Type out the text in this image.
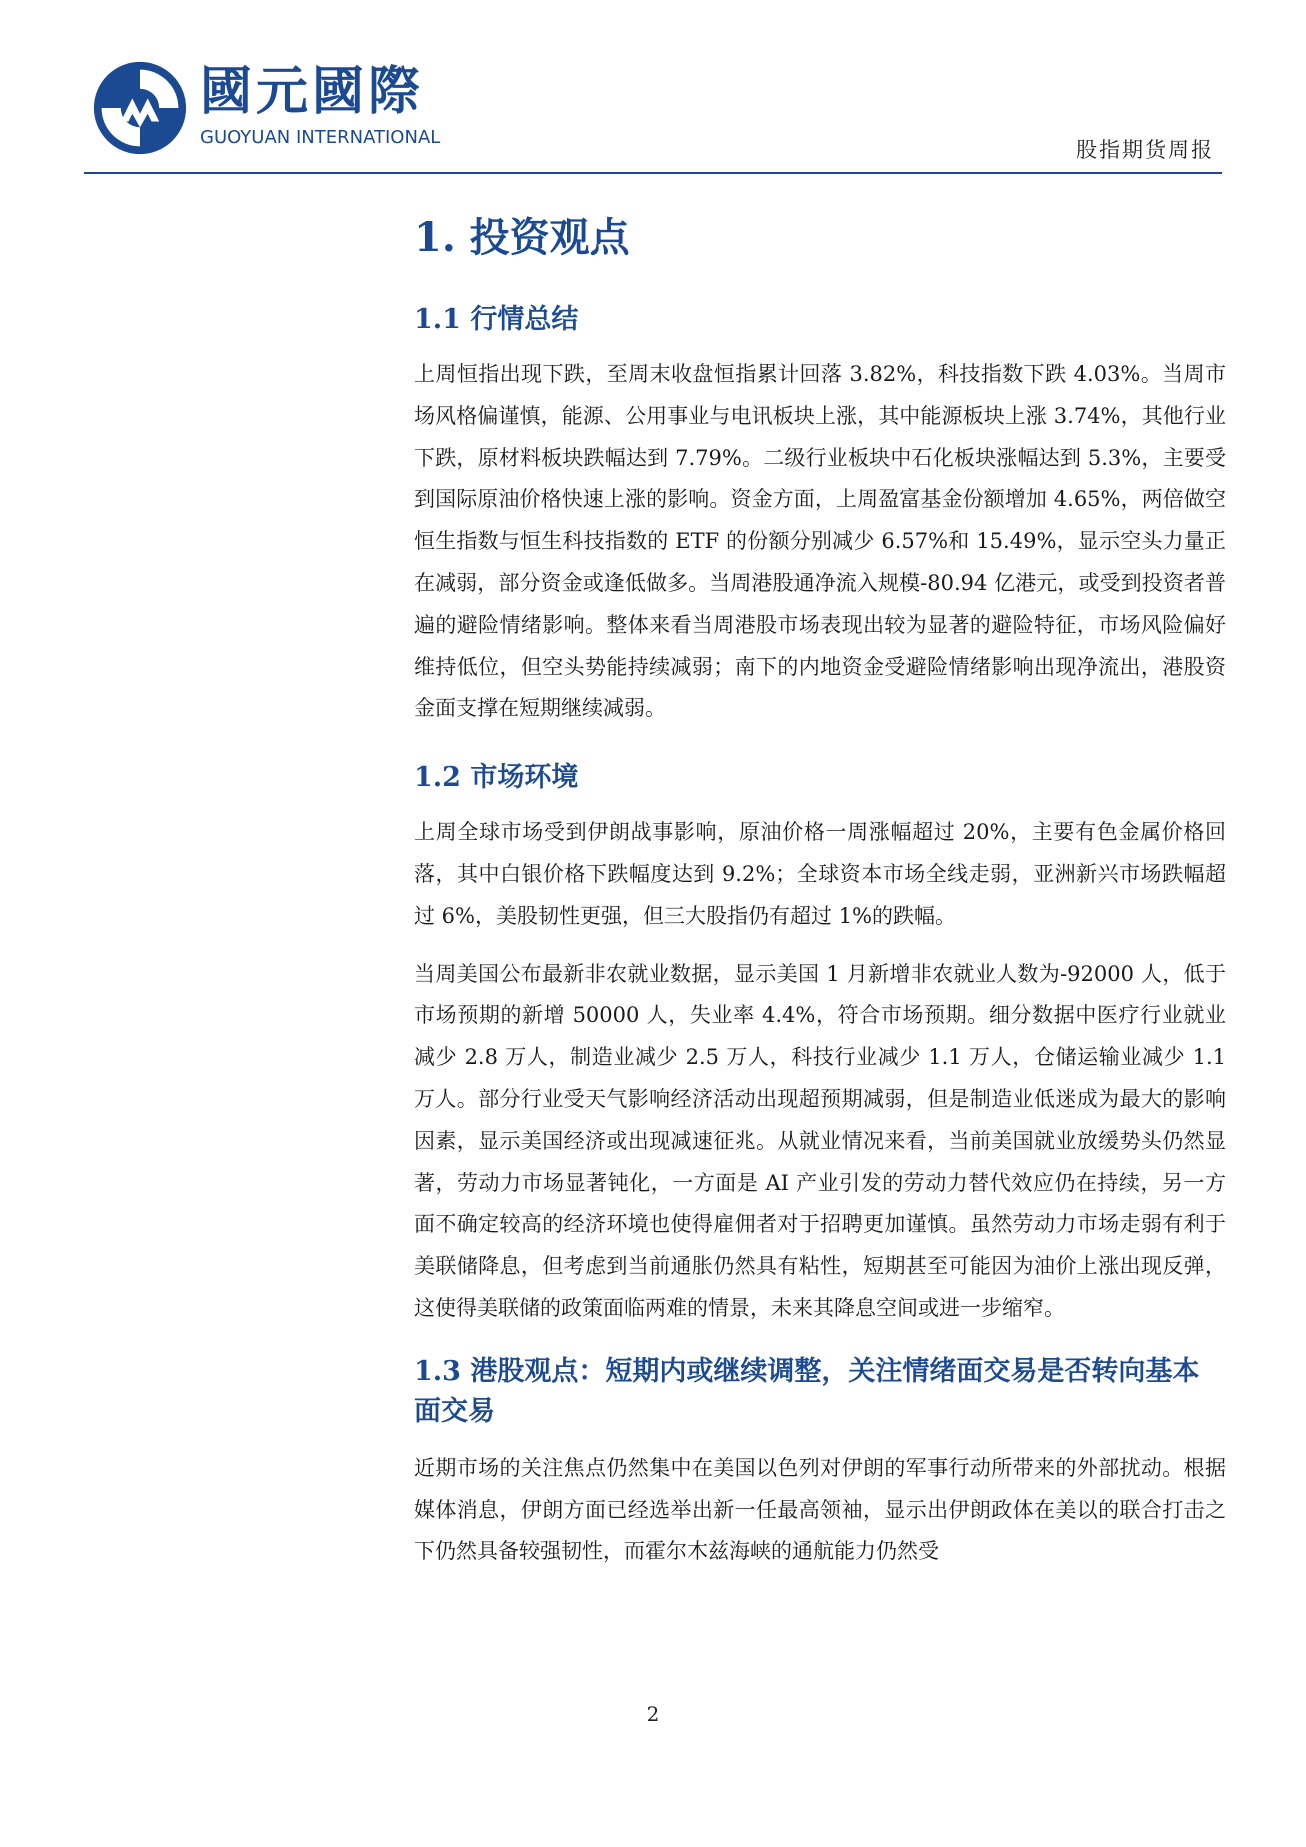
國元國際
GUOYUAN INTERNATIONAL
股指期货周报
1. 投资观点
1.1 行情总结

上周恒指出现下跌，至周末收盘恒指累计回落 3.82%，科技指数下跌 4.03%。当周市场风格偏谨慎，能源、公用事业与电讯板块上涨，其中能源板块上涨 3.74%，其他行业下跌，原材料板块跌幅达到 7.79%。二级行业板块中石化板块涨幅达到 5.3%，主要受到国际原油价格快速上涨的影响。资金方面，上周盈富基金份额增加 4.65%，两倍做空恒生指数与恒生科技指数的 ETF 的份额分别减少 6.57%和 15.49%，显示空头力量正在减弱，部分资金或逢低做多。当周港股通净流入规模-80.94 亿港元，或受到投资者普遍的避险情绪影响。整体来看当周港股市场表现出较为显著的避险特征，市场风险偏好维持低位，但空头势能持续减弱；南下的内地资金受避险情绪影响出现净流出，港股资金面支撑在短期继续减弱。

1.2 市场环境

上周全球市场受到伊朗战事影响，原油价格一周涨幅超过 20%，主要有色金属价格回落，其中白银价格下跌幅度达到 9.2%；全球资本市场全线走弱，亚洲新兴市场跌幅超过 6%，美股韧性更强，但三大股指仍有超过 1%的跌幅。

当周美国公布最新非农就业数据，显示美国 1 月新增非农就业人数为-92000 人，低于市场预期的新增 50000 人，失业率 4.4%，符合市场预期。细分数据中医疗行业就业减少 2.8 万人，制造业减少 2.5 万人，科技行业减少 1.1 万人，仓储运输业减少 1.1 万人。部分行业受天气影响经济活动出现超预期减弱，但是制造业低迷成为最大的影响因素，显示美国经济或出现减速征兆。从就业情况来看，当前美国就业放缓势头仍然显著，劳动力市场显著钝化，一方面是 AI 产业引发的劳动力替代效应仍在持续，另一方面不确定较高的经济环境也使得雇佣者对于招聘更加谨慎。虽然劳动力市场走弱有利于美联储降息，但考虑到当前通胀仍然具有粘性，短期甚至可能因为油价上涨出现反弹，这使得美联储的政策面临两难的情景，未来其降息空间或进一步缩窄。

1.3 港股观点：短期内或继续调整，关注情绪面交易是否转向基本面交易

近期市场的关注焦点仍然集中在美国以色列对伊朗的军事行动所带来的外部扰动。根据媒体消息，伊朗方面已经选举出新一任最高领袖，显示出伊朗政体在美以的联合打击之下仍然具备较强韧性，而霍尔木兹海峡的通航能力仍然受

2
